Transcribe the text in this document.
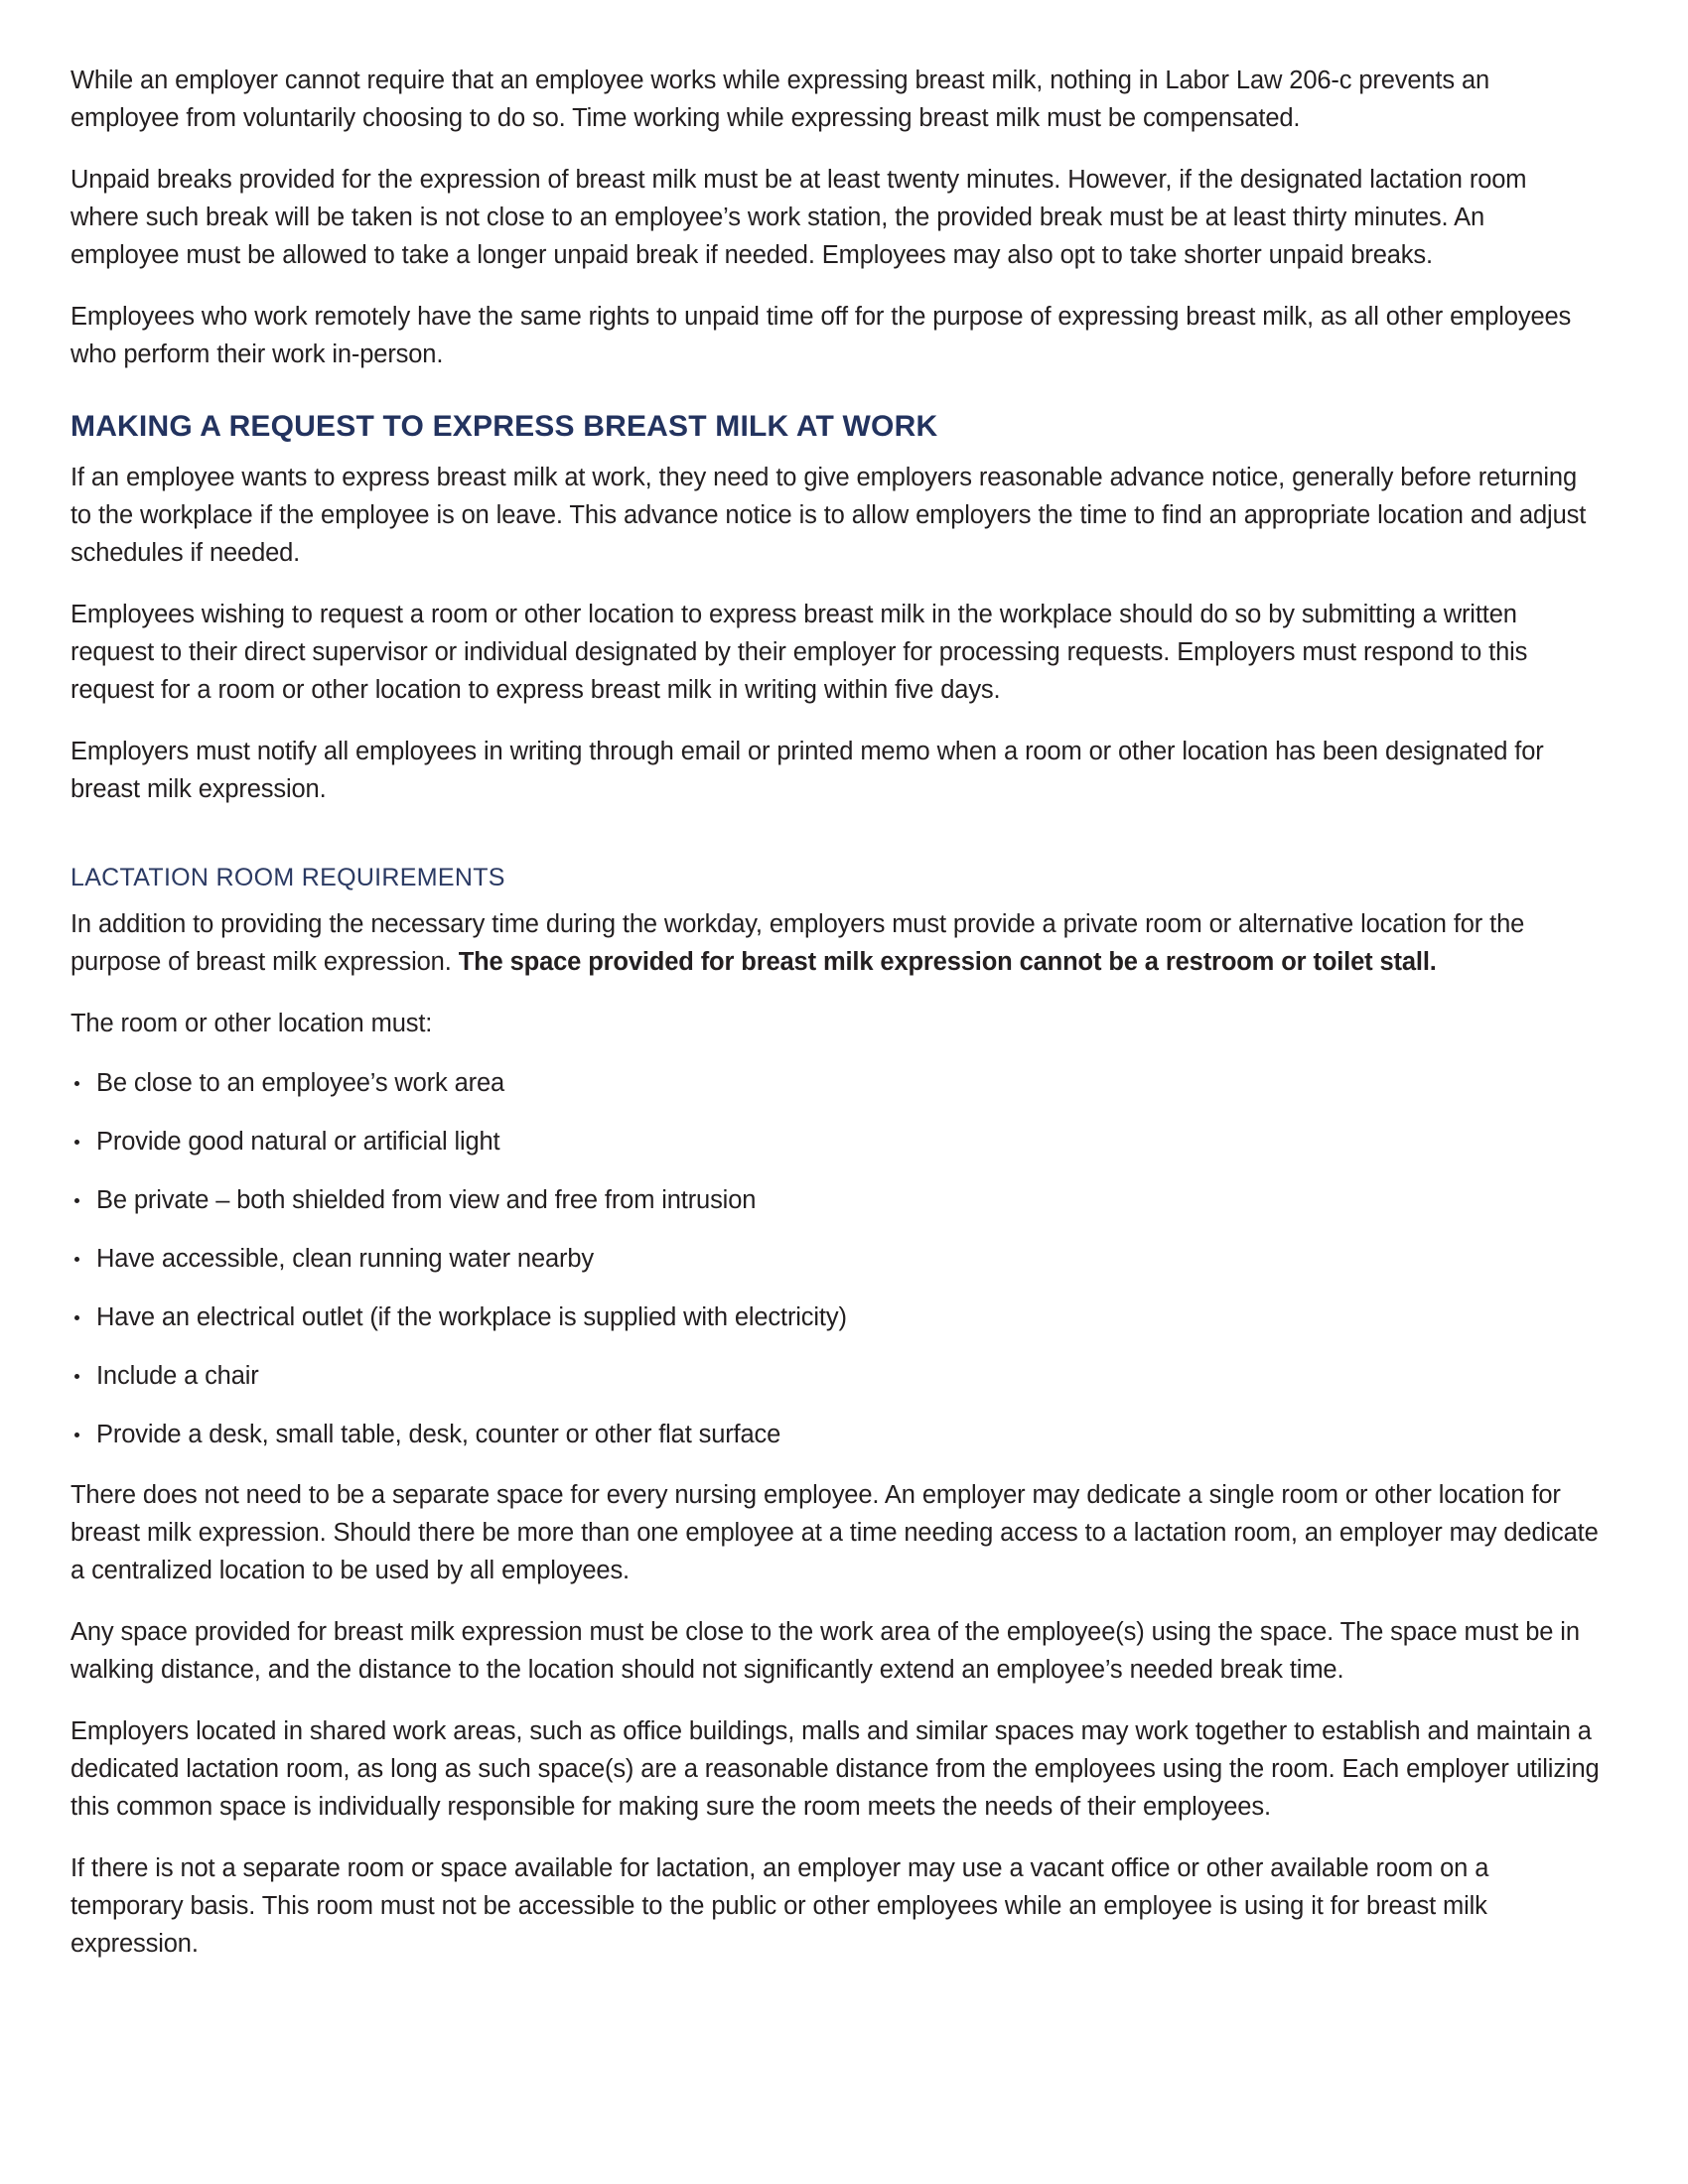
While an employer cannot require that an employee works while expressing breast milk, nothing in Labor Law 206-c prevents an employee from voluntarily choosing to do so. Time working while expressing breast milk must be compensated.

Unpaid breaks provided for the expression of breast milk must be at least twenty minutes. However, if the designated lactation room where such break will be taken is not close to an employee’s work station, the provided break must be at least thirty minutes. An employee must be allowed to take a longer unpaid break if needed. Employees may also opt to take shorter unpaid breaks.

Employees who work remotely have the same rights to unpaid time off for the purpose of expressing breast milk, as all other employees who perform their work in-person.

MAKING A REQUEST TO EXPRESS BREAST MILK AT WORK

If an employee wants to express breast milk at work, they need to give employers reasonable advance notice, generally before returning to the workplace if the employee is on leave. This advance notice is to allow employers the time to find an appropriate location and adjust schedules if needed.

Employees wishing to request a room or other location to express breast milk in the workplace should do so by submitting a written request to their direct supervisor or individual designated by their employer for processing requests. Employers must respond to this request for a room or other location to express breast milk in writing within five days.

Employers must notify all employees in writing through email or printed memo when a room or other location has been designated for breast milk expression.

LACTATION ROOM REQUIREMENTS

In addition to providing the necessary time during the workday, employers must provide a private room or alternative location for the purpose of breast milk expression. The space provided for breast milk expression cannot be a restroom or toilet stall.

The room or other location must:

Be close to an employee’s work area
Provide good natural or artificial light
Be private – both shielded from view and free from intrusion
Have accessible, clean running water nearby
Have an electrical outlet (if the workplace is supplied with electricity)
Include a chair
Provide a desk, small table, desk, counter or other flat surface

There does not need to be a separate space for every nursing employee. An employer may dedicate a single room or other location for breast milk expression. Should there be more than one employee at a time needing access to a lactation room, an employer may dedicate a centralized location to be used by all employees.

Any space provided for breast milk expression must be close to the work area of the employee(s) using the space. The space must be in walking distance, and the distance to the location should not significantly extend an employee’s needed break time.

Employers located in shared work areas, such as office buildings, malls and similar spaces may work together to establish and maintain a dedicated lactation room, as long as such space(s) are a reasonable distance from the employees using the room. Each employer utilizing this common space is individually responsible for making sure the room meets the needs of their employees.

If there is not a separate room or space available for lactation, an employer may use a vacant office or other available room on a temporary basis. This room must not be accessible to the public or other employees while an employee is using it for breast milk expression.
